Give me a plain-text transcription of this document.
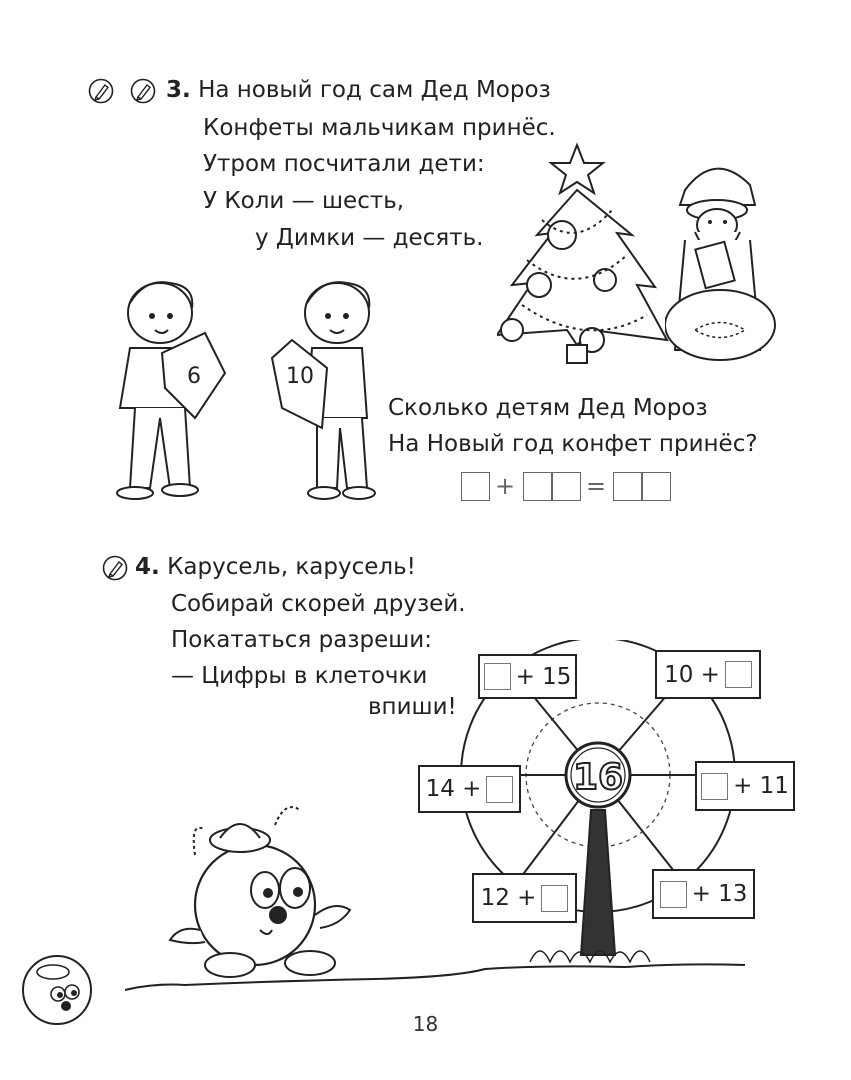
3. На новый год сам Дед Мороз
Конфеты мальчикам принёс.
Утром посчитали дети:
У Коли — шесть,
у Димки — десять.
6	10
Сколько детям Дед Мороз
На Новый год конфет принёс?
+	=
4. Карусель, карусель!
Собирай скорей друзей.
Покататься разреши:
— Цифры в клеточки
впиши!
16
+ 15	10 +
14 +	+ 11
12 +	+ 13
18
